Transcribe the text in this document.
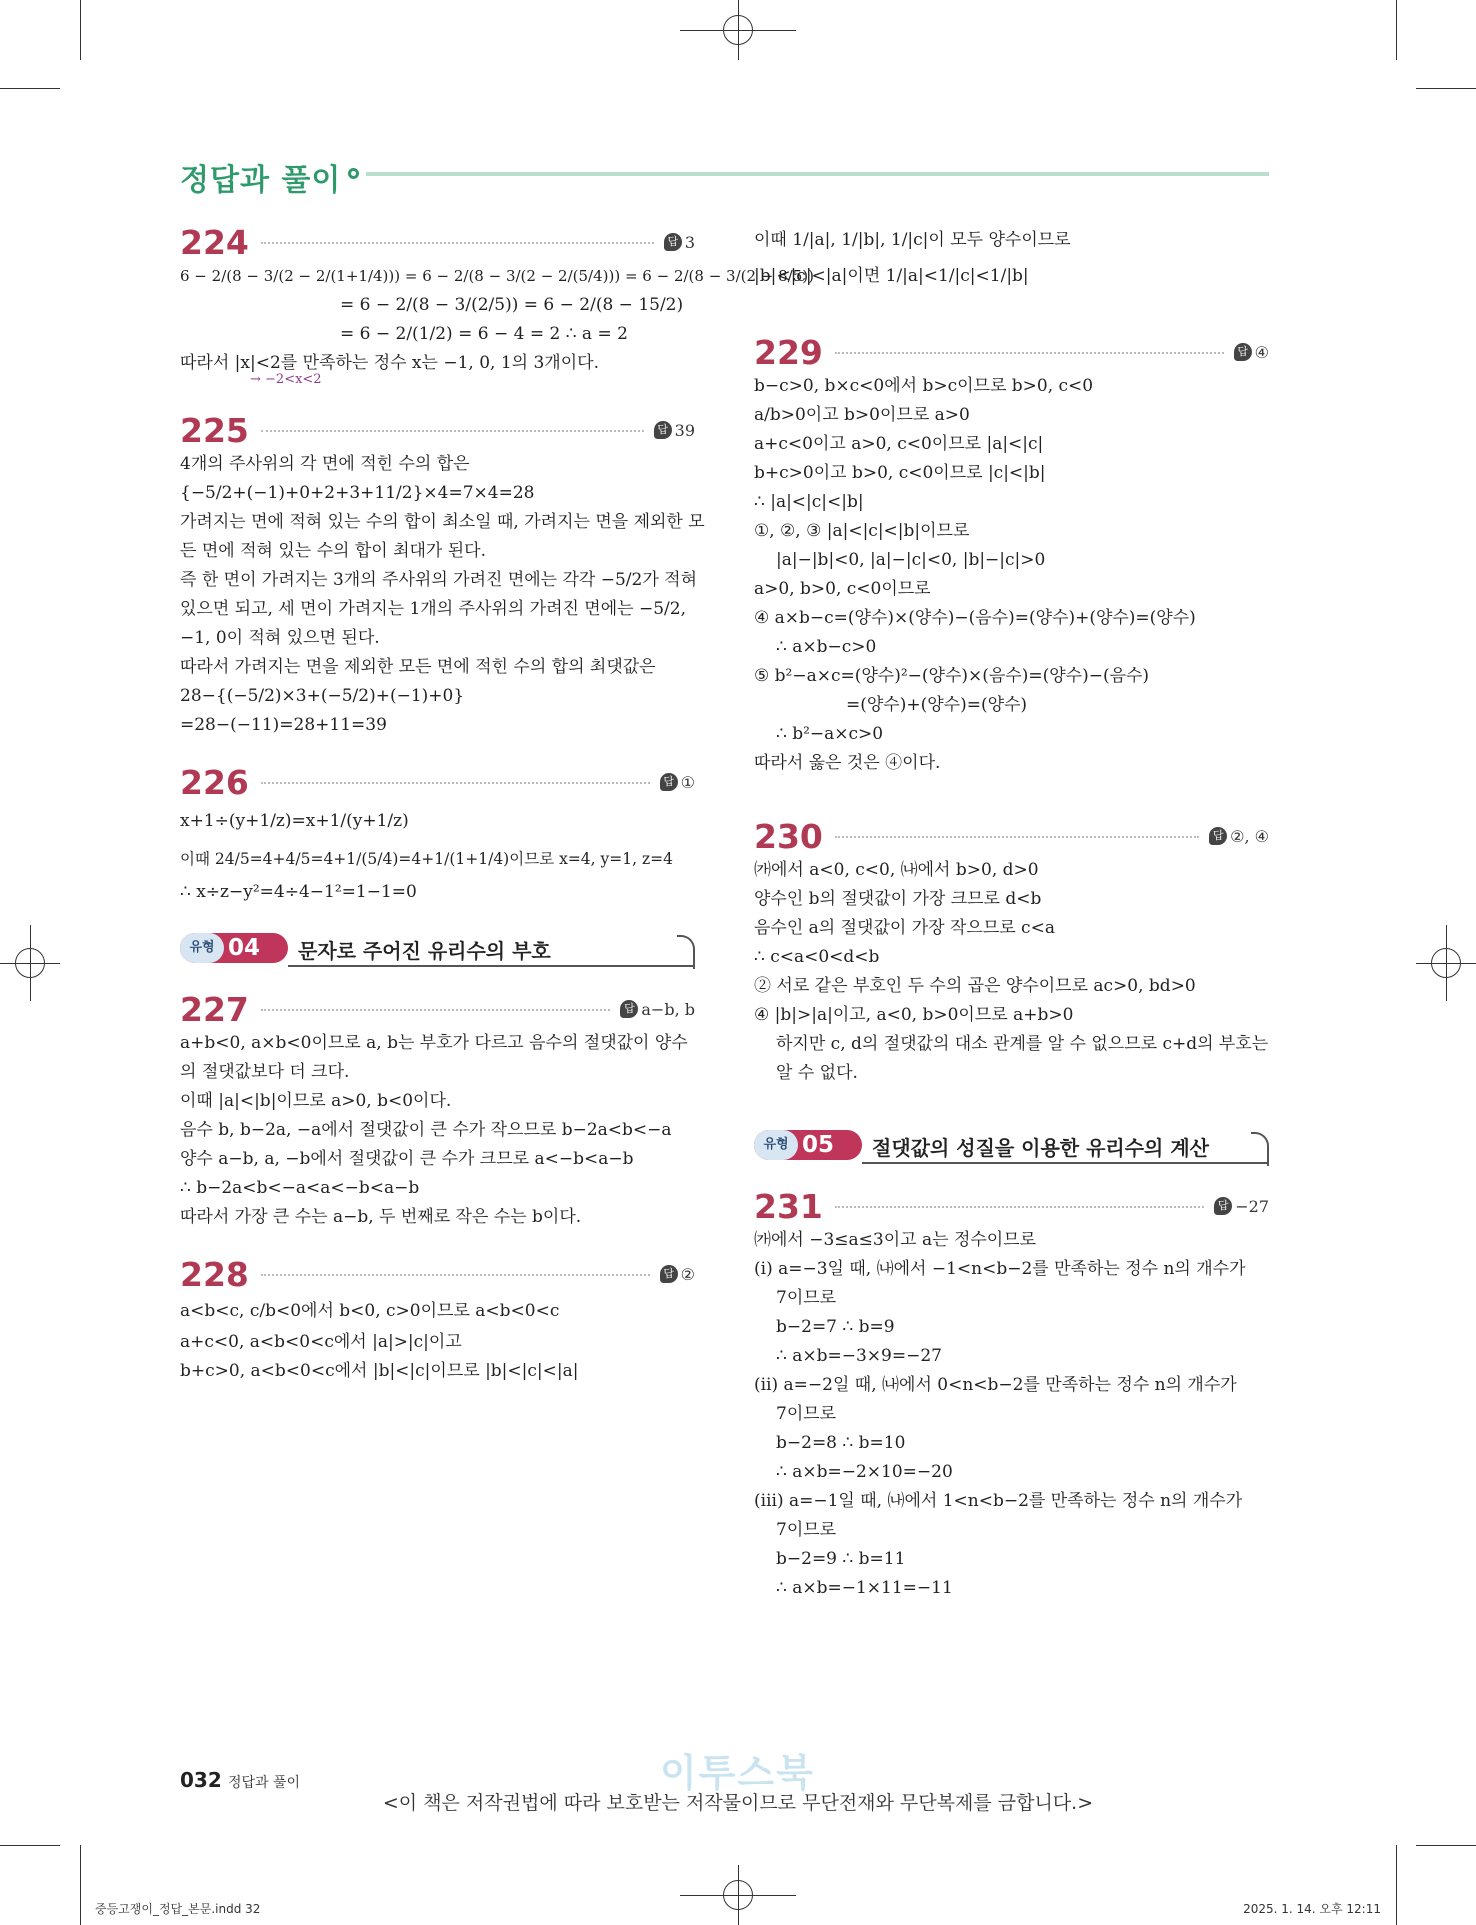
정답과 풀이
224	답 3
6 − 2/(8 − 3/(2 − 2/(1+1/4))) = 6 − 2/(8 − 3/(2 − 2/(5/4))) = 6 − 2/(8 − 3/(2 − 8/5))
= 6 − 2/(8 − 3/(2/5)) = 6 − 2/(8 − 15/2)
= 6 − 2/(1/2) = 6 − 4 = 2 ∴ a = 2
따라서 |x|<2를 만족하는 정수 x는 −1, 0, 1의 3개이다.
→ −2<x<2
225	답 39
4개의 주사위의 각 면에 적힌 수의 합은
{−5/2+(−1)+0+2+3+11/2}×4=7×4=28
가려지는 면에 적혀 있는 수의 합이 최소일 때, 가려지는 면을 제외한 모
든 면에 적혀 있는 수의 합이 최대가 된다.
즉 한 면이 가려지는 3개의 주사위의 가려진 면에는 각각 −5/2가 적혀
있으면 되고, 세 면이 가려지는 1개의 주사위의 가려진 면에는 −5/2,
−1, 0이 적혀 있으면 된다.
따라서 가려지는 면을 제외한 모든 면에 적힌 수의 합의 최댓값은
28−{(−5/2)×3+(−5/2)+(−1)+0}
=28−(−11)=28+11=39
226	답 ①
x+1÷(y+1/z)=x+1/(y+1/z)
이때 24/5=4+4/5=4+1/(5/4)=4+1/(1+1/4)이므로 x=4, y=1, z=4
∴ x÷z−y²=4÷4−1²=1−1=0
유형 04 문자로 주어진 유리수의 부호
227	답 a−b, b
a+b<0, a×b<0이므로 a, b는 부호가 다르고 음수의 절댓값이 양수
의 절댓값보다 더 크다.
이때 |a|<|b|이므로 a>0, b<0이다.
음수 b, b−2a, −a에서 절댓값이 큰 수가 작으므로 b−2a<b<−a
양수 a−b, a, −b에서 절댓값이 큰 수가 크므로 a<−b<a−b
∴ b−2a<b<−a<a<−b<a−b
따라서 가장 큰 수는 a−b, 두 번째로 작은 수는 b이다.
228	답 ②
a<b<c, c/b<0에서 b<0, c>0이므로 a<b<0<c
a+c<0, a<b<0<c에서 |a|>|c|이고
b+c>0, a<b<0<c에서 |b|<|c|이므로 |b|<|c|<|a|
이때 1/|a|, 1/|b|, 1/|c|이 모두 양수이므로
|b|<|c|<|a|이면 1/|a|<1/|c|<1/|b|
229	답 ④
b−c>0, b×c<0에서 b>c이므로 b>0, c<0
a/b>0이고 b>0이므로 a>0
a+c<0이고 a>0, c<0이므로 |a|<|c|
b+c>0이고 b>0, c<0이므로 |c|<|b|
∴ |a|<|c|<|b|
①, ②, ③ |a|<|c|<|b|이므로
|a|−|b|<0, |a|−|c|<0, |b|−|c|>0
a>0, b>0, c<0이므로
④ a×b−c=(양수)×(양수)−(음수)=(양수)+(양수)=(양수)
∴ a×b−c>0
⑤ b²−a×c=(양수)²−(양수)×(음수)=(양수)−(음수)
=(양수)+(양수)=(양수)
∴ b²−a×c>0
따라서 옳은 것은 ④이다.
230	답 ②, ④
㈎에서 a<0, c<0, ㈏에서 b>0, d>0
양수인 b의 절댓값이 가장 크므로 d<b
음수인 a의 절댓값이 가장 작으므로 c<a
∴ c<a<0<d<b
② 서로 같은 부호인 두 수의 곱은 양수이므로 ac>0, bd>0
④ |b|>|a|이고, a<0, b>0이므로 a+b>0
하지만 c, d의 절댓값의 대소 관계를 알 수 없으므로 c+d의 부호는
알 수 없다.
유형 05 절댓값의 성질을 이용한 유리수의 계산
231	답 −27
㈎에서 −3≤a≤3이고 a는 정수이므로
(ⅰ) a=−3일 때, ㈏에서 −1<n<b−2를 만족하는 정수 n의 개수가
7이므로
b−2=7 ∴ b=9
∴ a×b=−3×9=−27
(ⅱ) a=−2일 때, ㈏에서 0<n<b−2를 만족하는 정수 n의 개수가
7이므로
b−2=8 ∴ b=10
∴ a×b=−2×10=−20
(ⅲ) a=−1일 때, ㈏에서 1<n<b−2를 만족하는 정수 n의 개수가
7이므로
b−2=9 ∴ b=11
∴ a×b=−1×11=−11
이투스북
032 정답과 풀이
<이 책은 저작권법에 따라 보호받는 저작물이므로 무단전재와 무단복제를 금합니다.>
중등고쟁이_정답_본문.indd 32	2025. 1. 14. 오후 12:11
